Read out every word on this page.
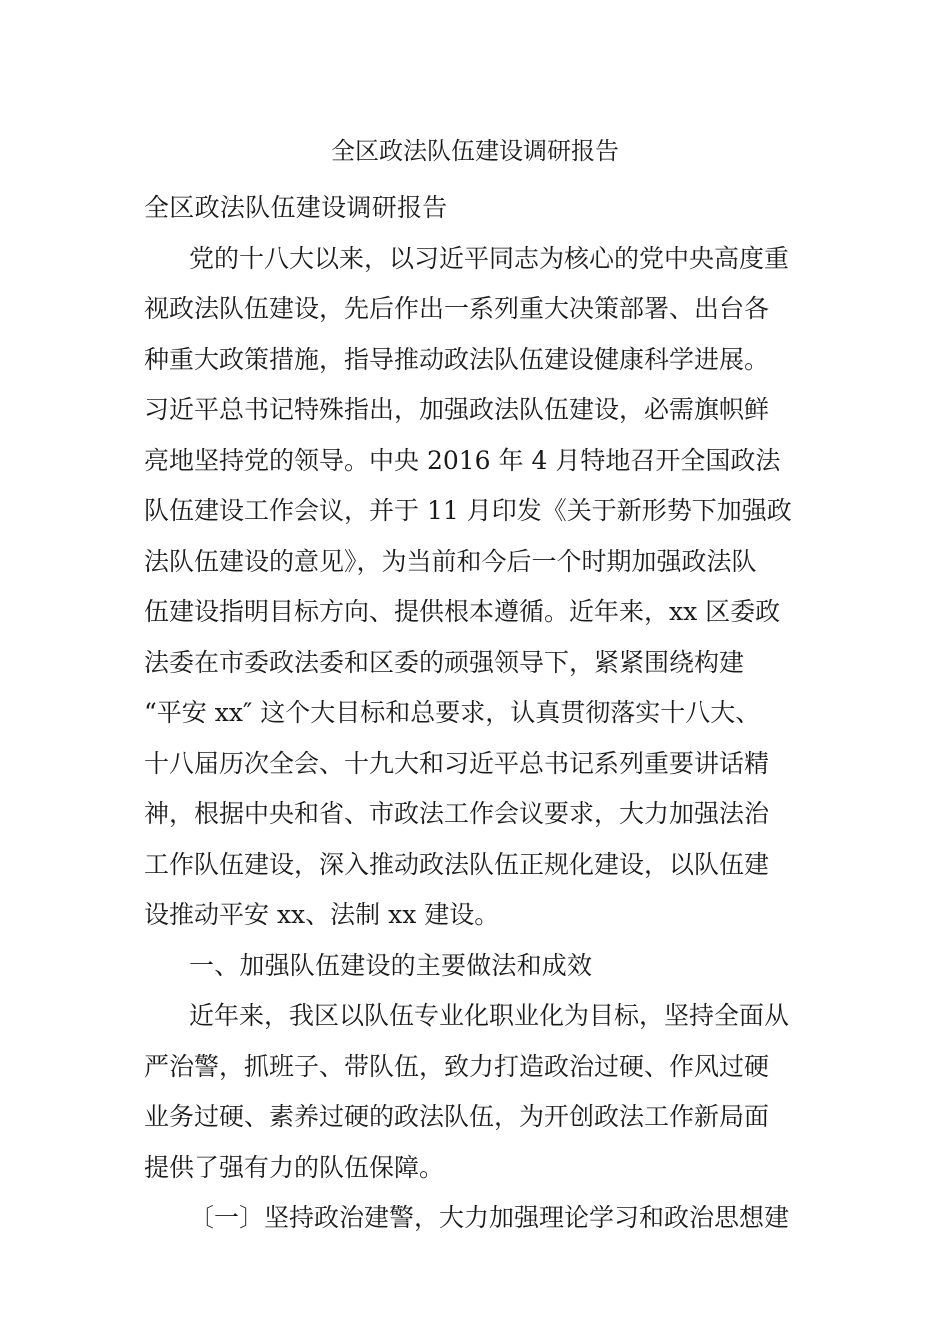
全区政法队伍建设调研报告
全区政法队伍建设调研报告
党的十八大以来，以习近平同志为核心的党中央高度重
视政法队伍建设，先后作出一系列重大决策部署、出台各
种重大政策措施，指导推动政法队伍建设健康科学进展。
习近平总书记特殊指出，加强政法队伍建设，必需旗帜鲜
亮地坚持党的领导。中央 2016 年 4 月特地召开全国政法
队伍建设工作会议，并于 11 月印发《关于新形势下加强政
法队伍建设的意见》，为当前和今后一个时期加强政法队
伍建设指明目标方向、提供根本遵循。近年来，xx 区委政
法委在市委政法委和区委的顽强领导下，紧紧围绕构建
“平安 xx″ 这个大目标和总要求，认真贯彻落实十八大、
十八届历次全会、十九大和习近平总书记系列重要讲话精
神，根据中央和省、市政法工作会议要求，大力加强法治
工作队伍建设，深入推动政法队伍正规化建设，以队伍建
设推动平安 xx、法制 xx 建设。
一、加强队伍建设的主要做法和成效
近年来，我区以队伍专业化职业化为目标，坚持全面从
严治警，抓班子、带队伍，致力打造政治过硬、作风过硬
业务过硬、素养过硬的政法队伍，为开创政法工作新局面
提供了强有力的队伍保障。
〔一〕坚持政治建警，大力加强理论学习和政治思想建
